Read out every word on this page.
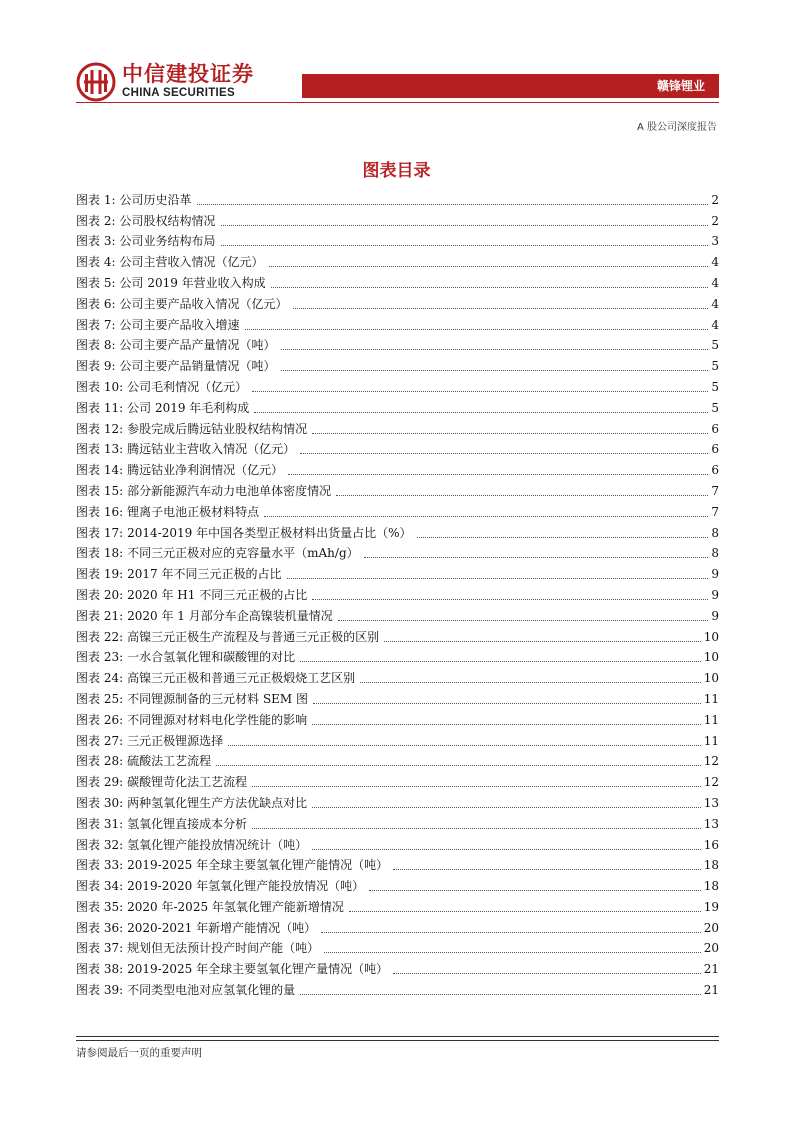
中信建投证券
CHINA SECURITIES	赣锋锂业
A 股公司深度报告
图表目录
图表 1: 公司历史沿革	2
图表 2: 公司股权结构情况	2
图表 3: 公司业务结构布局	3
图表 4: 公司主营收入情况（亿元）	4
图表 5: 公司 2019 年营业收入构成	4
图表 6: 公司主要产品收入情况（亿元）	4
图表 7: 公司主要产品收入增速	4
图表 8: 公司主要产品产量情况（吨）	5
图表 9: 公司主要产品销量情况（吨）	5
图表 10: 公司毛利情况（亿元）	5
图表 11: 公司 2019 年毛利构成	5
图表 12: 参股完成后腾远钴业股权结构情况	6
图表 13: 腾远钴业主营收入情况（亿元）	6
图表 14: 腾远钴业净利润情况（亿元）	6
图表 15: 部分新能源汽车动力电池单体密度情况	7
图表 16: 锂离子电池正极材料特点	7
图表 17: 2014-2019 年中国各类型正极材料出货量占比（%）	8
图表 18: 不同三元正极对应的克容量水平（mAh/g）	8
图表 19: 2017 年不同三元正极的占比	9
图表 20: 2020 年 H1 不同三元正极的占比	9
图表 21: 2020 年 1 月部分车企高镍装机量情况	9
图表 22: 高镍三元正极生产流程及与普通三元正极的区别	10
图表 23: 一水合氢氧化锂和碳酸锂的对比	10
图表 24: 高镍三元正极和普通三元正极煅烧工艺区别	10
图表 25: 不同锂源制备的三元材料 SEM 图	11
图表 26: 不同锂源对材料电化学性能的影响	11
图表 27: 三元正极锂源选择	11
图表 28: 硫酸法工艺流程	12
图表 29: 碳酸锂苛化法工艺流程	12
图表 30: 两种氢氧化锂生产方法优缺点对比	13
图表 31: 氢氧化锂直接成本分析	13
图表 32: 氢氧化锂产能投放情况统计（吨）	16
图表 33: 2019-2025 年全球主要氢氧化锂产能情况（吨）	18
图表 34: 2019-2020 年氢氧化锂产能投放情况（吨）	18
图表 35: 2020 年-2025 年氢氧化锂产能新增情况	19
图表 36: 2020-2021 年新增产能情况（吨）	20
图表 37: 规划但无法预计投产时间产能（吨）	20
图表 38: 2019-2025 年全球主要氢氧化锂产量情况（吨）	21
图表 39: 不同类型电池对应氢氧化锂的量	21
请参阅最后一页的重要声明
